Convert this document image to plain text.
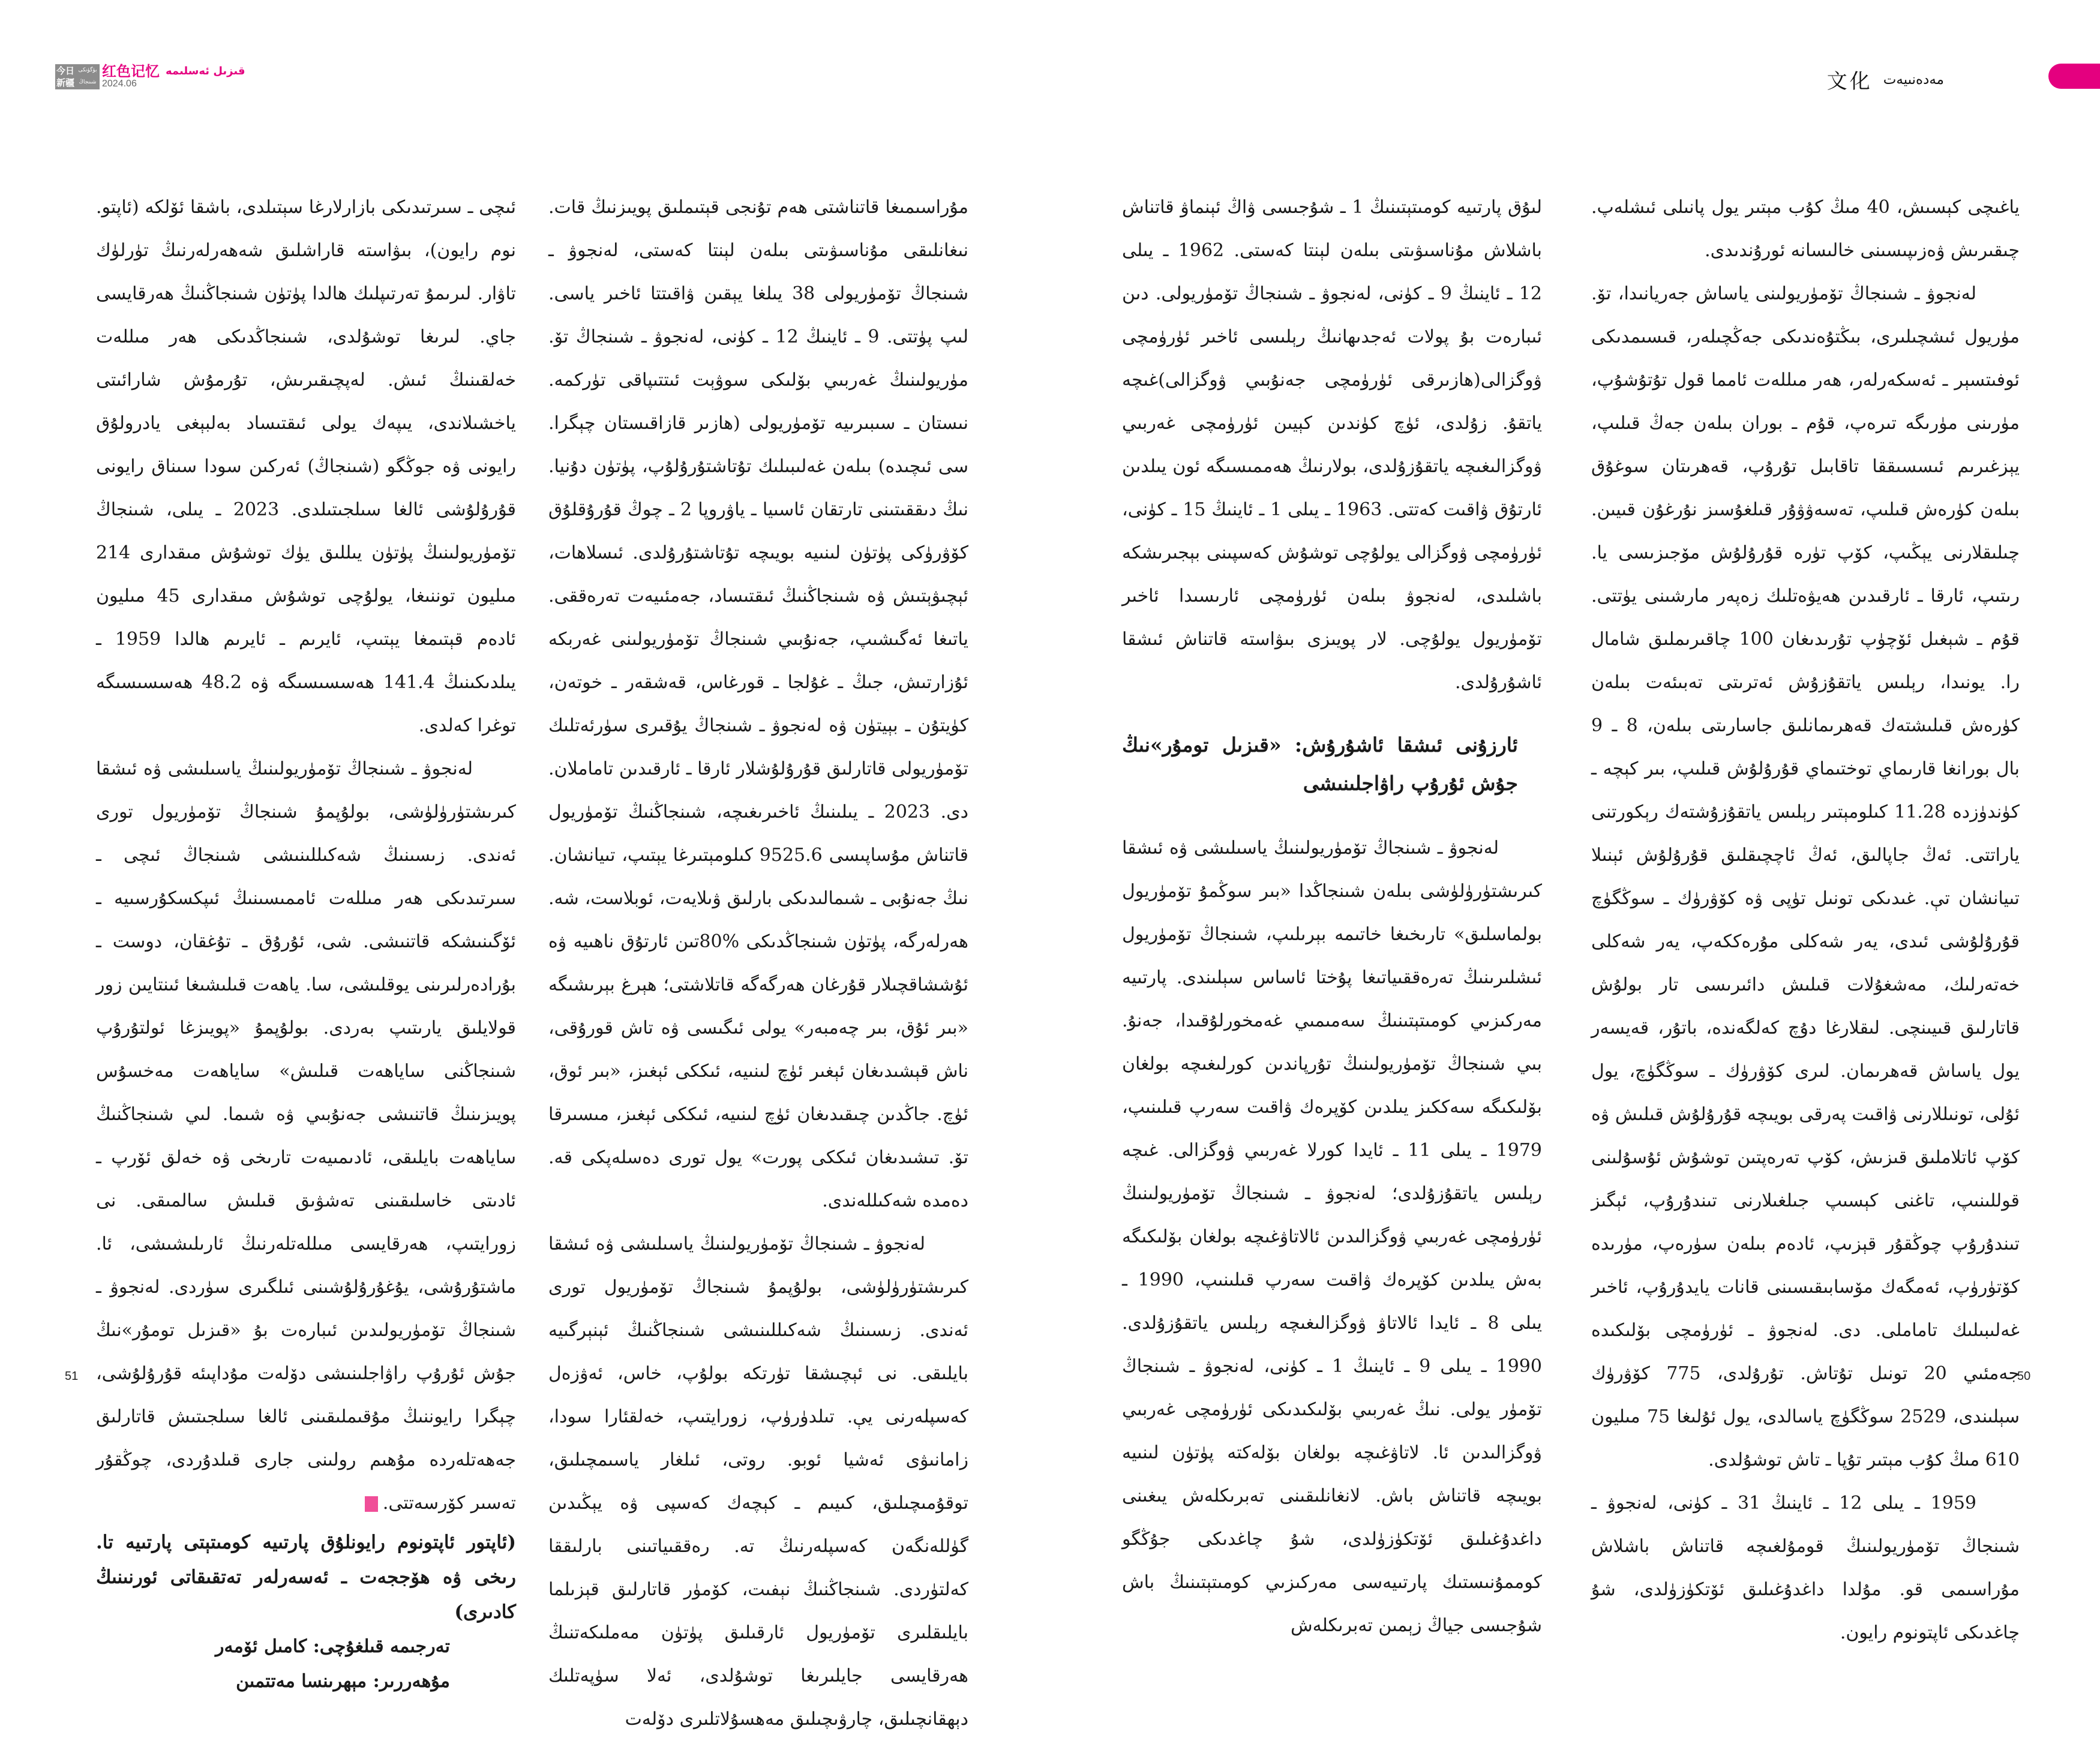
今日
新疆
بۈگۈنكى
شىنجاڭ
红色记忆 قىزىل ئەسلىمە
2024.06	文化 مەدەنىيەت

ياغىچى كېسىش، 40 مىڭ كۇب مېتىر يول پانىلى ئىشلەپ. چىقىرىش ۋەزىپىسىنى خالىسانە ئورۇندىدى.

لەنجوۋ ـ شىنجاڭ تۆمۈريولىنى ياساش جەريانىدا، تۆ. مۈريول ئىشچىلىرى، بىڭتۇەندىكى جەڭچىلەر، قىسىمدىكى ئوفىتسېر ـ ئەسكەرلەر، ھەر مىللەت ئامما قول تۇتۇشۇپ، مۈرىنى مۈرىگە تىرەپ، قۇم ـ بوران بىلەن جەڭ قىلىپ، يېزغىرىم ئىسسىققا تاقابىل تۇرۇپ، قەھرىتان سوغۇق بىلەن كۈرەش قىلىپ، تەسەۋۋۇر قىلغۇسىز نۇرغۇن قىيىن. چىلىقلارنى يېڭىپ، كۆپ تۈرە قۇرۇلۇش مۆجىزىسى يا. رىتىپ، ئارقا ـ ئارقىدىن ھەيۋەتلىك زەپەر مارشىنى يۈتتى. قۇم ـ شېغىل ئۆچۈپ تۇرىدىغان 100 چاقىرىملىق شامال را. يونىدا، رېلىس ياتقۇزۇش ئەترىتى تەبىئەت بىلەن كۈرەش قىلىشتەك قەھرىمانلىق جاسارىتى بىلەن، 8 ـ 9 بال بورانغا قارىماي توختىماي قۇرۇلۇش قىلىپ، بىر كېچە ـ كۈندۈزدە 11.28 كىلومېتىر رېلىس ياتقۇزۇشتەك رېكورتنى ياراتتى. ئەڭ جاپالىق، ئەڭ ئاچچىقلىق قۇرۇلۇش ئېنىلا تىيانشان تې. غىدىكى تونىل تۈپى ۋە كۆۋرۈك ـ سوڭگۈچ قۇرۇلۇشى ئىدى، يەر شەكلى مۇرەككەپ، يەر شەكلى خەتەرلىك، مەشغۇلات قىلىش دائىرىسى تار بولۇش قاتارلىق قىيىنچى. لىقلارغا دۇچ كەلگەندە، باتۇر، قەيسەر يول ياساش قەھرىمان. لىرى كۆۋرۈك ـ سوڭگۈچ، يول ئۇلى، تونىللارنى ۋاقىت پەرقى بويىچە قۇرۇلۇش قىلىش ۋە كۆپ ئاتلاملىق قىزىش، كۆپ تەرەپتىن توشۇش ئۇسۇلىنى قوللىنىپ، تاغنى كېسىپ جىلغىلارنى تىندۇرۇپ، ئېگىز تىندۇرۇپ چوڭقۇر قېزىپ، ئادەم بىلەن سۈرەپ، مۈرىدە كۆتۈرۈپ، ئەمگەك مۆسابىقىسىنى قانات يايدۇرۇپ، ئاخىر غەلىبىلىك تاماملى. دى. لەنجوۋ ـ ئۈرۈمچى بۆلىكىدە جەمئىي 20 تونىل تۇتاش. تۇرۇلدى، 775 كۆۋرۈك سېلىندى، 2529 سوڭگۈچ ياسالدى، يول ئۇلىغا 75 مىليون 610 مىڭ كۇب مېتىر تۇپا ـ تاش توشۇلدى.

1959 ـ يىلى 12 ـ ئاينىڭ 31 ـ كۈنى، لەنجوۋ ـ شىنجاڭ تۆمۈريولىنىڭ قومۇلغىچە قاتناش باشلاش مۇراسىمى قو. مۇلدا داغدۇغىلىق ئۆتكۈزۈلدى، شۇ چاغدىكى ئاپتونوم رايون.

لىۇق پارتىيە كومىتېتىنىڭ 1 ـ شۇجىسى ۋاڭ ئېنماۋ قاتناش باشلاش مۇناسىۋىتى بىلەن لېنتا كەستى. 1962 ـ يىلى 12 ـ ئاينىڭ 9 ـ كۈنى، لەنجوۋ ـ شىنجاڭ تۆمۈريولى. دىن ئىبارەت بۇ پولات ئەجدىھانىڭ رېلىسى ئاخىر ئۈرۈمچى ۋوگزالى(ھازىرقى ئۈرۈمچى جەنۇبىي ۋوگزالى)غىچە ياتقۇ. زۇلدى، ئۈچ كۈندىن كېيىن ئۈرۈمچى غەربىي ۋوگزالىغىچە ياتقۇزۇلدى، بولارنىڭ ھەممىسىگە ئون يىلدىن ئارتۇق ۋاقىت كەتتى. 1963 ـ يىلى 1 ـ ئاينىڭ 15 ـ كۈنى، ئۈرۈمچى ۋوگزالى يولۇچى توشۇش كەسپىنى بېجىرىشكە باشلىدى، لەنجوۋ بىلەن ئۈرۈمچى ئارىسىدا ئاخىر تۆمۈريول يولۇچى. لار پويىزى بىۋاستە قاتناش ئىشقا ئاشۇرۇلدى.

ئارزۇنى ئىشقا ئاشۇرۇش: «قىزىل تومۇر»نىڭ جۇش ئۇرۇپ راۋاجلىنىشى

لەنجوۋ ـ شىنجاڭ تۆمۈريولىنىڭ ياسىلىشى ۋە ئىشقا كىرىشتۈرۈلۈشى بىلەن شىنجاڭدا «بىر سوڭمۇ تۆمۈريول بولماسلىق» تارىخىغا خاتىمە بېرىلىپ، شىنجاڭ تۆمۈريول ئىشلىرىنىڭ تەرەققىياتىغا پۇختا ئاساس سېلىندى. پارتىيە مەركىزىي كومىتېتىنىڭ سەمىمىي غەمخورلۇقىدا، جەنۇ. بىي شىنجاڭ تۆمۈريولىنىڭ تۇرپاندىن كورلىغىچە بولغان بۆلىكىگە سەككىز يىلدىن كۆپرەك ۋاقىت سەرپ قىلىنىپ، 1979 ـ يىلى 11 ـ ئايدا كورلا غەربىي ۋوگزالى. غىچە رېلىس ياتقۇزۇلدى؛ لەنجوۋ ـ شىنجاڭ تۆمۈريولىنىڭ ئۈرۈمچى غەربىي ۋوگزالىدىن ئالاتاۋغىچە بولغان بۆلىكىگە بەش يىلدىن كۆپرەك ۋاقىت سەرپ قىلىنىپ، 1990 ـ يىلى 8 ـ ئايدا ئالاتاۋ ۋوگزالىغىچە رېلىس ياتقۇزۇلدى. 1990 ـ يىلى 9 ـ ئاينىڭ 1 ـ كۈنى، لەنجوۋ ـ شىنجاڭ تۆمۈر يولى. نىڭ غەربىي بۆلىكىدىكى ئۈرۈمچى غەربىي ۋوگزالىدىن ئا. لاتاۋغىچە بولغان بۆلەكتە پۈتۈن لىنىيە بويىچە قاتناش باش. لانغانلىقىنى تەبرىكلەش يىغىنى داغدۇغىلىق ئۆتكۈزۈلدى، شۇ چاغدىكى جۇڭگو كوممۇنىستىك پارتىيەسى مەركىزىي كومىتېتىنىڭ باش شۇجىسى جياڭ زېمىن تەبرىكلەش

مۇراسىمىغا قاتناشتى ھەم تۇنجى قېتىملىق پويىزنىڭ قات. نىغانلىقى مۇناسىۋىتى بىلەن لېنتا كەستى، لەنجوۋ ـ شىنجاڭ تۆمۈريولى 38 يىلغا يېقىن ۋاقىتتا ئاخىر ياسى. لىپ پۈتتى. 9 ـ ئاينىڭ 12 ـ كۈنى، لەنجوۋ ـ شىنجاڭ تۆ. مۈريولىنىڭ غەربىي بۆلىكى سوۋېت ئىتتىپاقى تۈركمە. نىستان ـ سىبىرىيە تۆمۈريولى (ھازىر قازاقىستان چېگرا. سى ئىچىدە) بىلەن غەلىبىلىك تۇتاشتۇرۇلۇپ، پۈتۈن دۇنيا. نىڭ دىققىتىنى تارتقان ئاسىيا ـ ياۋروپا 2 ـ چوڭ قۇرۇقلۇق كۆۋرۈكى پۈتۈن لىنىيە بويىچە تۇتاشتۇرۇلدى. ئىسلاھات، ئېچىۋېتىش ۋە شىنجاڭنىڭ ئىقتىساد، جەمئىيەت تەرەققى. ياتىغا ئەگىشىپ، جەنۇبىي شىنجاڭ تۆمۈريولىنى غەربكە ئۇزارتىش، جىڭ ـ غۇلجا ـ قورغاس، قەشقەر ـ خوتەن، كۈيتۇن ـ بېيتۈن ۋە لەنجوۋ ـ شىنجاڭ يۇقىرى سۈرئەتلىك تۆمۈريولى قاتارلىق قۇرۇلۇشلار ئارقا ـ ئارقىدىن تاماملان. دى. 2023 ـ يىلىنىڭ ئاخىرىغىچە، شىنجاڭنىڭ تۆمۈريول قاتناش مۇساپىسى 9525.6 كىلومېتىرغا يېتىپ، تىيانشان. نىڭ جەنۇبى ـ شىمالىدىكى بارلىق ۋىلايەت، ئوبلاست، شە. ھەرلەرگە، پۈتۈن شىنجاڭدىكى %80تىن ئارتۇق ناھىيە ۋە ئۇششاقچىلار قۇرغان ھەرگەگە قاتلاشتى؛ ھېرغ بېرىشىگە «بىر ئۇق، بىر چەمبەر» يولى ئىگىسى ۋە تاش قورۇقى، ناش قېشىدىغان ئېغىر ئۈچ لىنىيە، ئىككى ئېغىز، «بىر ئوق، ئۈچ. جاڭدىن چىقىدىغان ئۈچ لىنىيە، ئىككى ئېغىز، مىسىرقا تۆ. تىشىدىغان ئىككى پورت» يول تورى دەسلەپكى قە. دەمدە شەكىللەندى.

لەنجوۋ ـ شىنجاڭ تۆمۈريولىنىڭ ياسىلىشى ۋە ئىشقا كىرىشتۈرۈلۈشى، بولۇپمۇ شىنجاڭ تۆمۈريول تورى ئەندى. زىسىنىڭ شەكىللىنىشى شىنجاڭنىڭ ئېنېرگىيە بايلىقى. نى ئېچىشقا تۈرتكە بولۇپ، خاس، ئەۋزەل كەسپلەرنى يې. تىلدۈرۈپ، زورايتىپ، خەلقئارا سودا، زامانىۋى ئەشيا ئوبو. روتى، ئىلغار ياسىمچىلىق، توقۇمىچىلىق، كىيىم ـ كېچەك كەسپى ۋە يېڭىدىن گۈللەنگەن كەسپلەرنىڭ تە. رەققىياتىنى بارلىققا كەلتۈردى. شىنجاڭنىڭ نېفىت، كۆمۈر قاتارلىق قېزىلما بايلىقلىرى تۆمۈريول ئارقىلىق پۈتۈن مەملىكەتنىڭ ھەرقايسى جايلىرىغا توشۇلدى، ئەلا سۈپەتلىك دېھقانچىلىق، چارۋىچىلىق مەھسۇلاتلىرى دۆلەت

ئىچى ـ سىرتىدىكى بازارلارغا سېتىلدى، باشقا ئۆلكە (ئاپتو. نوم رايون)، بىۋاستە قاراشلىق شەھەرلەرنىڭ تۈرلۈك تاۋار. لىرىمۇ تەرتىپلىك ھالدا پۈتۈن شىنجاڭنىڭ ھەرقايسى جاي. لىرىغا توشۇلدى، شىنجاڭدىكى ھەر مىللەت خەلقىنىڭ ئىش. لەپچىقىرىش، تۇرمۇش شارائىتى ياخشىلاندى، يىپەك يولى ئىقتىساد بەلبېغى يادرولۇق رايونى ۋە جوڭگو (شىنجاڭ) ئەركىن سودا سىناق رايونى قۇرۇلۇشى ئالغا سىلجىتىلدى. 2023 ـ يىلى، شىنجاڭ تۆمۈريولىنىڭ پۈتۈن يىللىق يۈك توشۇش مىقدارى 214 مىليون توننىغا، يولۇچى توشۇش مىقدارى 45 مىليون ئادەم قېتىمغا يېتىپ، ئايرىم ـ ئايرىم ھالدا 1959 ـ يىلدىكىنىڭ 141.4 ھەسسىسىگە ۋە 48.2 ھەسسىسىگە توغرا كەلدى.

لەنجوۋ ـ شىنجاڭ تۆمۈريولىنىڭ ياسىلىشى ۋە ئىشقا كىرىشتۈرۈلۈشى، بولۇپمۇ شىنجاڭ تۆمۈريول تورى ئەندى. زىسىنىڭ شەكىللىنىشى شىنجاڭ ئىچى ـ سىرتىدىكى ھەر مىللەت ئاممىسىنىڭ ئىپكسكۇرسىيە ـ ئۆگىنىشكە قاتنىشى. شى، ئۇرۇق ـ تۇغقان، دوست ـ بۇرادەرلىرىنى يوقلىشى، سا. ياھەت قىلىشىغا ئىنتايىن زور قولايلىق يارىتىپ بەردى. بولۇپمۇ «پويىزغا ئولتۇرۇپ شىنجاڭنى ساياھەت قىلىش» ساياھەت مەخسۇس پويىزىنىڭ قاتنىشى جەنۇبىي ۋە شىما. لىي شىنجاڭنىڭ ساياھەت بايلىقى، ئادىمىيەت تارىخى ۋە خەلق ئۆرپ ـ ئادىتى خاسلىقىنى تەشۋىق قىلىش سالمىقى. نى زورايتىپ، ھەرقايسى مىللەتلەرنىڭ ئارىلىشىشى، ئا. ماشتۇرۇشى، يۇغۇرۇلۇشىنى ئىلگىرى سۈردى. لەنجوۋ ـ شىنجاڭ تۆمۈريولىدىن ئىبارەت بۇ «قىزىل تومۇر»نىڭ جۇش ئۇرۇپ راۋاجلىنىشى دۆلەت مۇداپىئە قۇرۇلۇشى، چېگرا رايوننىڭ مۇقىملىقىنى ئالغا سىلجىتىش قاتارلىق جەھەتلەردە مۇھىم رولىنى جارى قىلدۇردى، چوڭقۇر تەسىر كۆرسەتتى.ل

(ئاپتور ئاپتونوم رايونلۇق پارتىيە كومىتېتى پارتىيە تا. رىخى ۋە ھۆججەت ـ ئەسەرلەر تەتقىقاتى ئورنىنىڭ كادىرى)

تەرجىمە قىلغۇچى: كامىل ئۆمەر

مۇھەررىر: مېھرىنسا مەتتمىن

51	50
